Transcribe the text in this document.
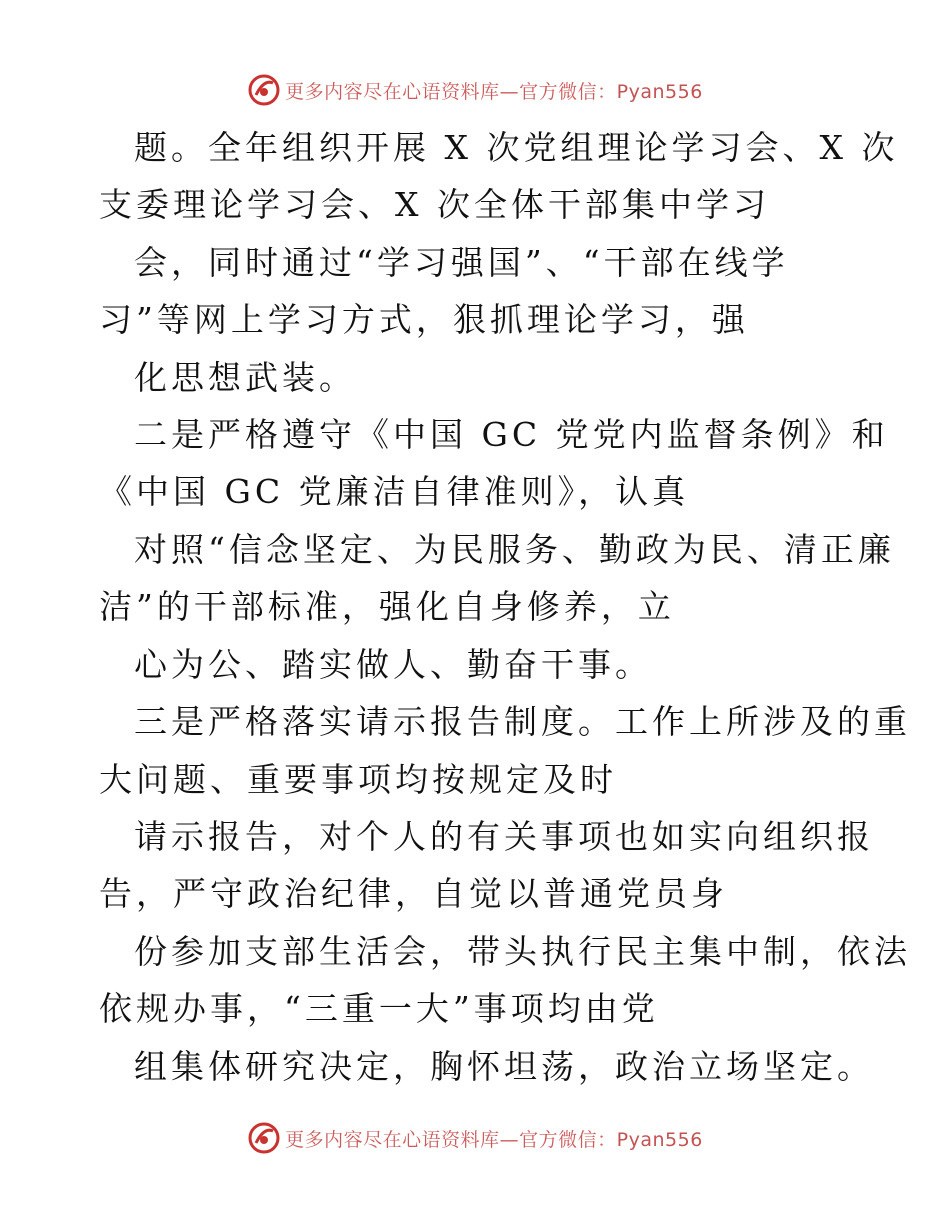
更多内容尽在心语资料库—官方微信：Pyan556
题。全年组织开展 X 次党组理论学习会、X 次
支委理论学习会、X 次全体干部集中学习
会，同时通过“学习强国”、“干部在线学
习”等网上学习方式，狠抓理论学习，强
化思想武装。
二是严格遵守《中国 GC 党党内监督条例》和
《中国 GC 党廉洁自律准则》，认真
对照“信念坚定、为民服务、勤政为民、清正廉
洁”的干部标准，强化自身修养，立
心为公、踏实做人、勤奋干事。
三是严格落实请示报告制度。工作上所涉及的重
大问题、重要事项均按规定及时
请示报告，对个人的有关事项也如实向组织报
告，严守政治纪律，自觉以普通党员身
份参加支部生活会，带头执行民主集中制，依法
依规办事，“三重一大”事项均由党
组集体研究决定，胸怀坦荡，政治立场坚定。
更多内容尽在心语资料库—官方微信：Pyan556
